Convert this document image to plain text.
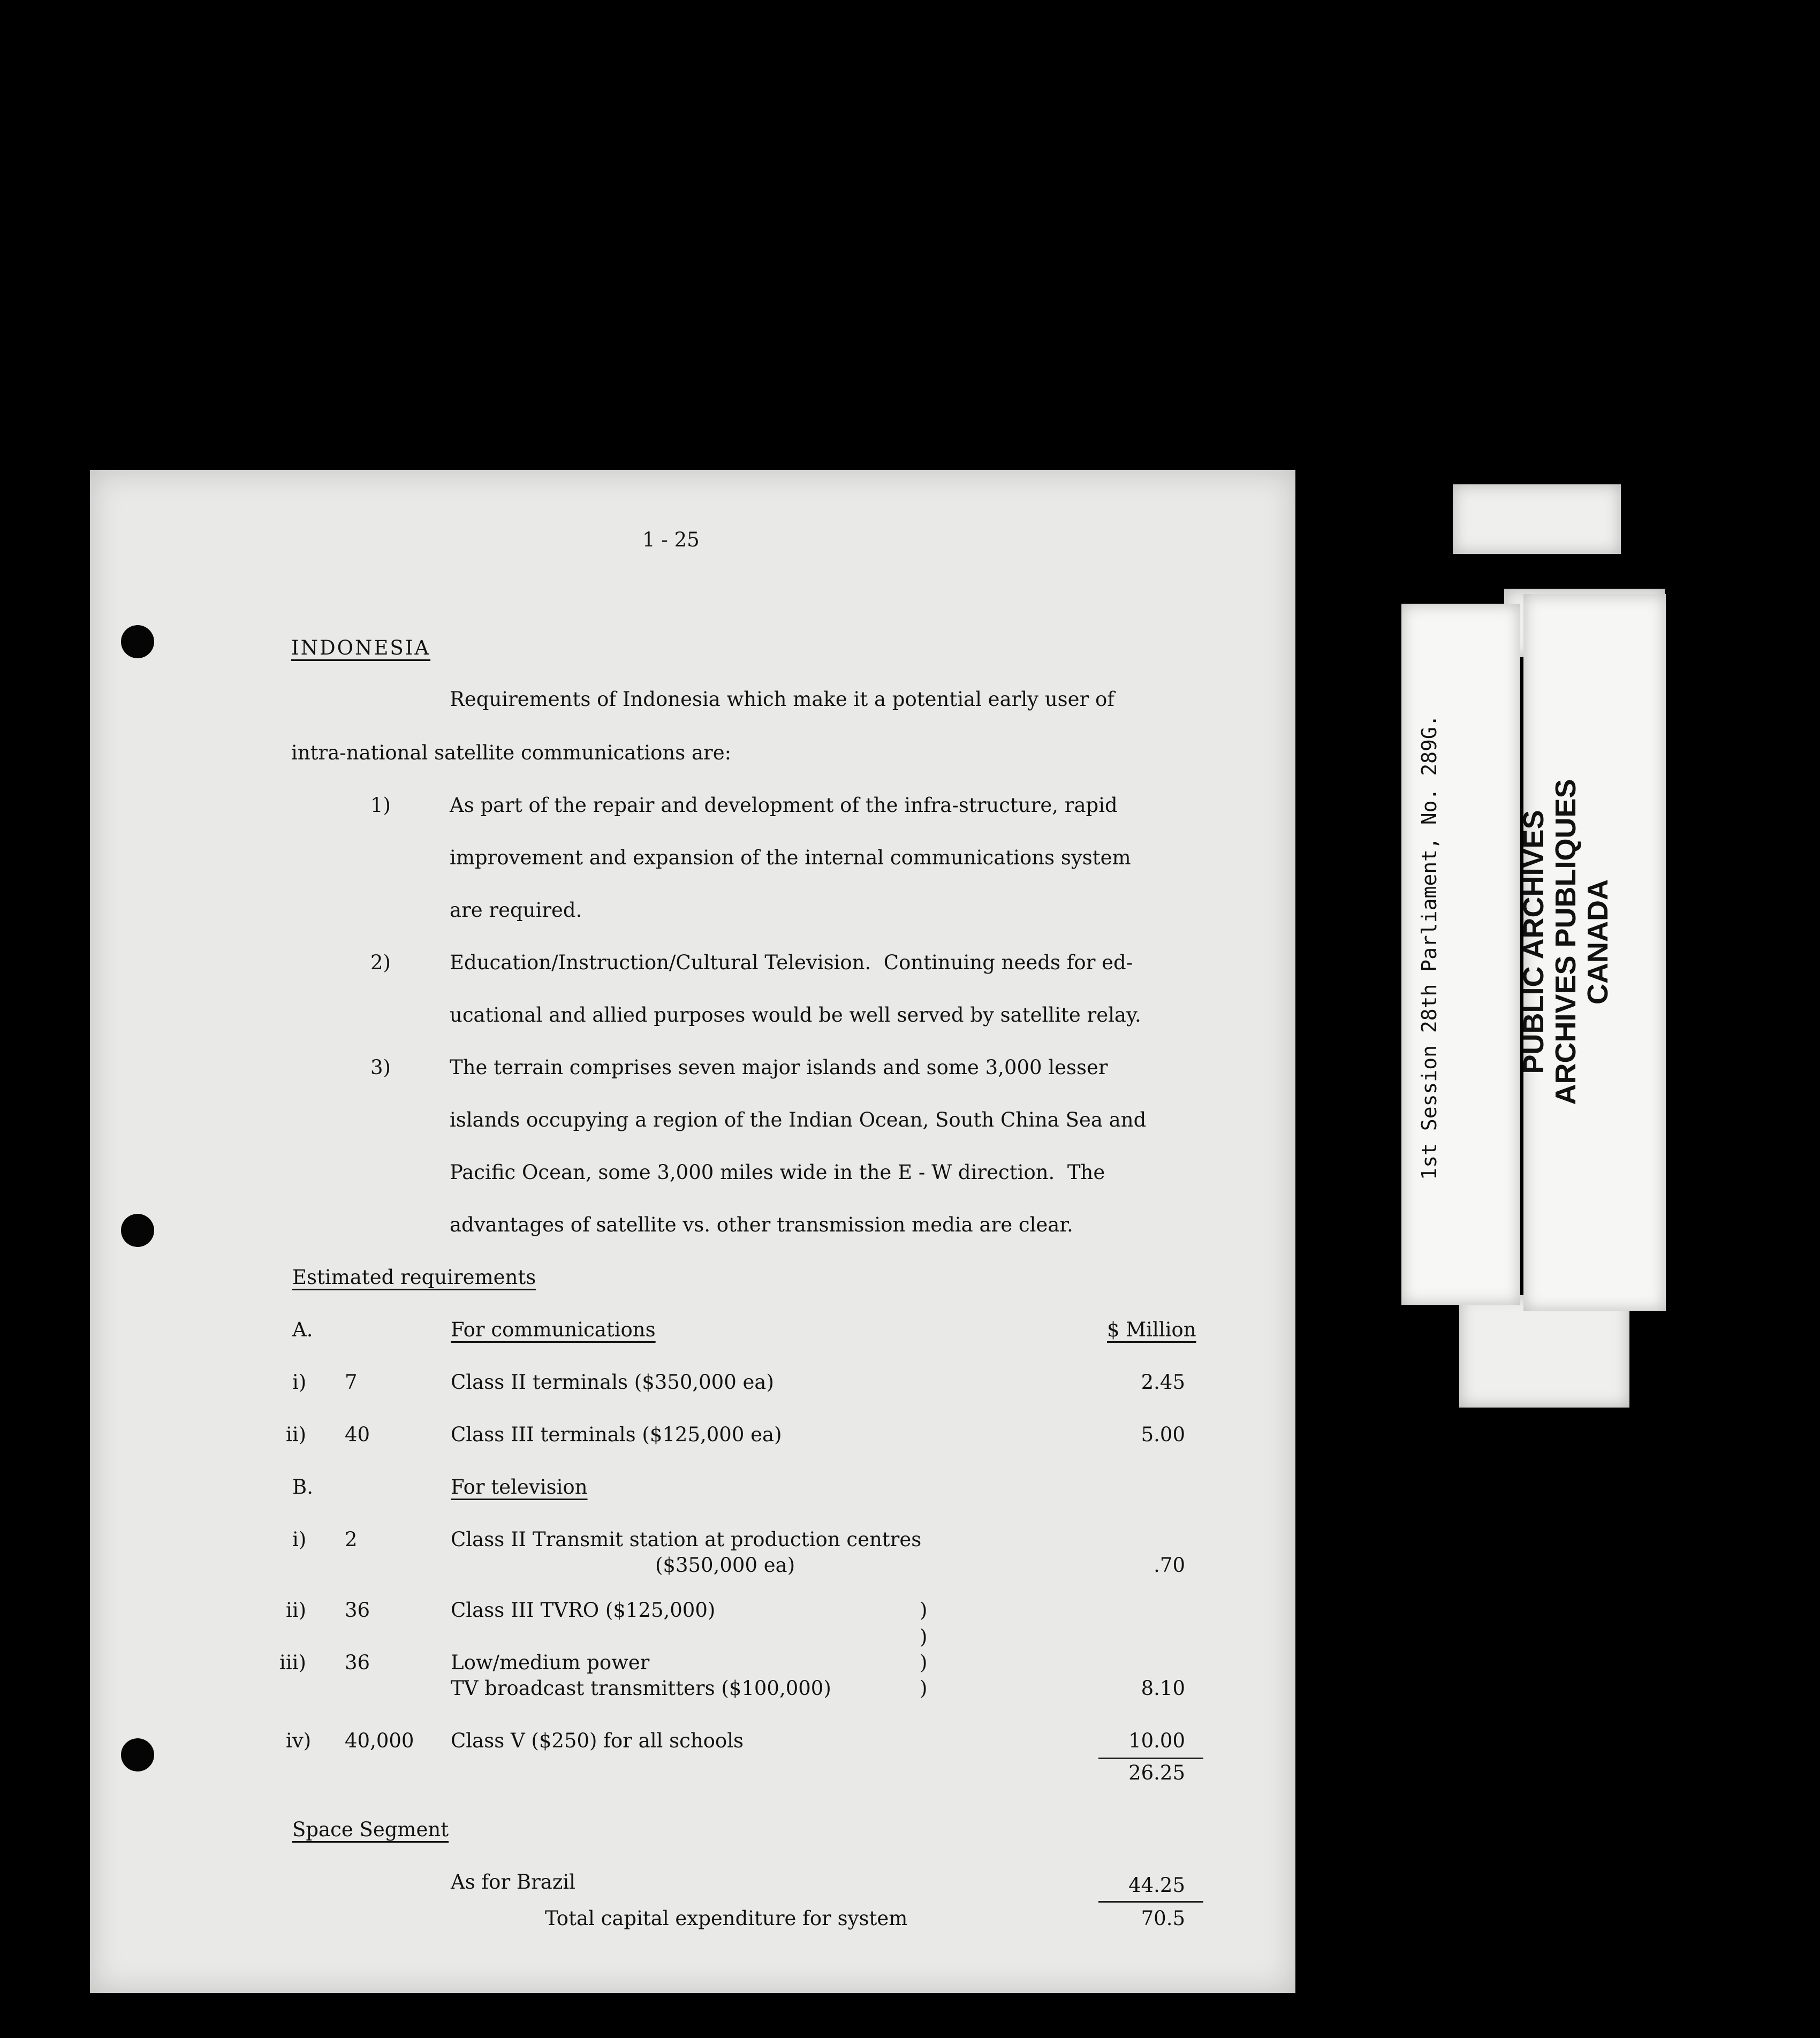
1 - 25
INDONESIA
Requirements of Indonesia which make it a potential early user of
intra-national satellite communications are:
1)	As part of the repair and development of the infra-structure, rapid
improvement and expansion of the internal communications system
are required.
2)	Education/Instruction/Cultural Television.  Continuing needs for ed-
ucational and allied purposes would be well served by satellite relay.
3)	The terrain comprises seven major islands and some 3,000 lesser
islands occupying a region of the Indian Ocean, South China Sea and
Pacific Ocean, some 3,000 miles wide in the E - W direction.  The
advantages of satellite vs. other transmission media are clear.
Estimated requirements
A.	For communications	$ Million
i) 7	Class II terminals ($350,000 ea)	2.45
ii) 40	Class III terminals ($125,000 ea)	5.00
B.	For television
i) 2	Class II Transmit station at production centres
($350,000 ea)	.70
ii) 36	Class III TVRO ($125,000)	)
)
iii) 36	Low/medium power	)
TV broadcast transmitters ($100,000)	)	8.10
iv) 40,000 Class V ($250) for all schools	10.00
26.25
Space Segment
As for Brazil	44.25
Total capital expenditure for system	70.5
1st Session 28th Parliament, No. 289G.	PUBLIC ARCHIVES ARCHIVES PUBLIQUES CANADA
